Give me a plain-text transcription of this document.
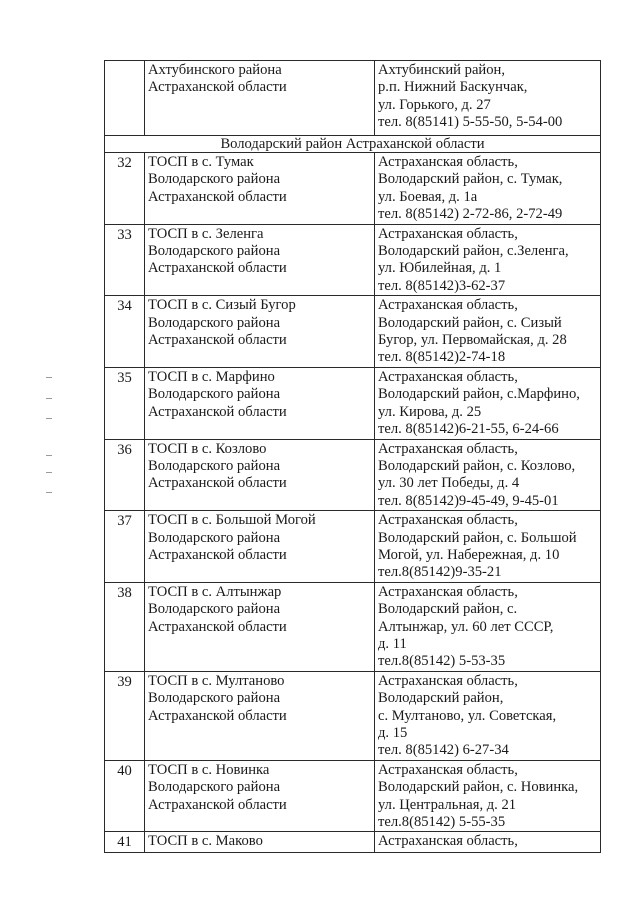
	Ахтубинского района
Астраханской области	Ахтубинский район,
р.п. Нижний Баскунчак,
ул. Горького, д. 27
тел. 8(85141) 5-55-50, 5-54-00

Володарский район Астраханской области		
32	ТОСП в с. Тумак
Володарского района
Астраханской области	Астраханская область,
Володарский район, с. Тумак,
ул. Боевая, д. 1а
тел. 8(85142) 2-72-86, 2-72-49

33	ТОСП в с. Зеленга
Володарского района
Астраханской области	Астраханская область,
Володарский район, с.Зеленга,
ул. Юбилейная, д. 1
тел. 8(85142)3-62-37

34	ТОСП в с. Сизый Бугор
Володарского района
Астраханской области	Астраханская область,
Володарский район, с. Сизый
Бугор, ул. Первомайская, д. 28
тел. 8(85142)2-74-18

35	ТОСП в с. Марфино
Володарского района
Астраханской области	Астраханская область,
Володарский район, с.Марфино,
ул. Кирова, д. 25
тел. 8(85142)6-21-55, 6-24-66

36	ТОСП в с. Козлово
Володарского района
Астраханской области	Астраханская область,
Володарский район, с. Козлово,
ул. 30 лет Победы, д. 4
тел. 8(85142)9-45-49, 9-45-01

37	ТОСП в с. Большой Могой
Володарского района
Астраханской области	Астраханская область,
Володарский район, с. Большой
Могой, ул. Набережная, д. 10
тел.8(85142)9-35-21

38	ТОСП в с. Алтынжар
Володарского района
Астраханской области	Астраханская область,
Володарский район, с.
Алтынжар, ул. 60 лет СССР,
д. 11
тел.8(85142) 5-53-35

39	ТОСП в с. Мултаново
Володарского района
Астраханской области	Астраханская область,
Володарский район,
с. Мултаново, ул. Советская,
д. 15
тел. 8(85142) 6-27-34

40	ТОСП в с. Новинка
Володарского района
Астраханской области	Астраханская область,
Володарский район, с. Новинка,
ул. Центральная, д. 21
тел.8(85142) 5-55-35

41	ТОСП в с. Маково	Астраханская область,
